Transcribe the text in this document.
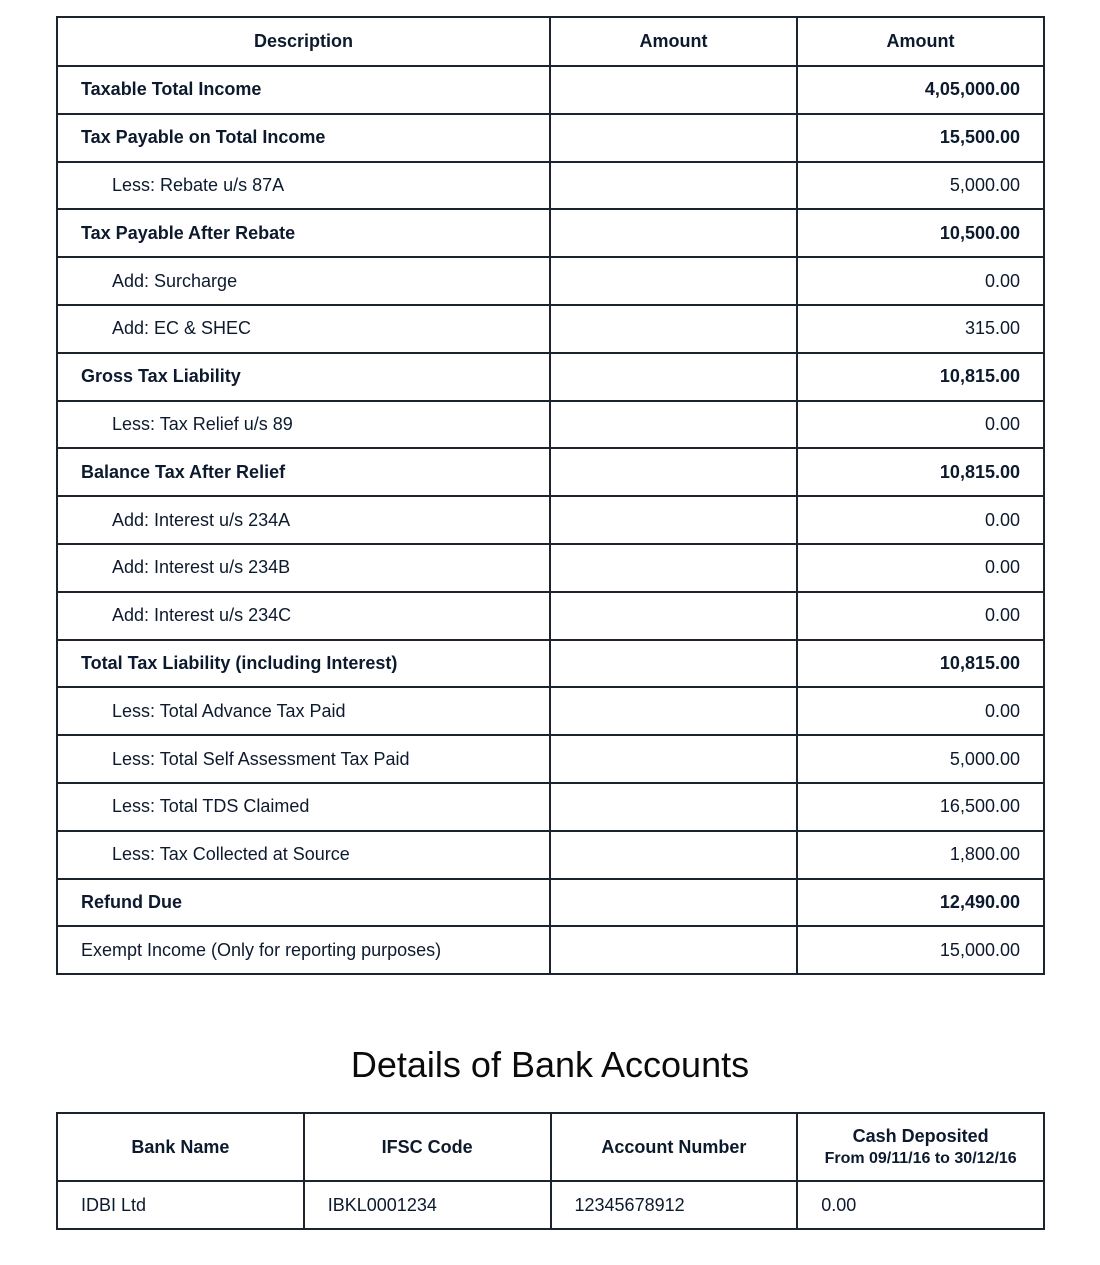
Description	Amount	Amount
Taxable Total Income		4,05,000.00
Tax Payable on Total Income		15,500.00
Less: Rebate u/s 87A		5,000.00
Tax Payable After Rebate		10,500.00
Add: Surcharge		0.00
Add: EC & SHEC		315.00
Gross Tax Liability		10,815.00
Less: Tax Relief u/s 89		0.00
Balance Tax After Relief		10,815.00
Add: Interest u/s 234A		0.00
Add: Interest u/s 234B		0.00
Add: Interest u/s 234C		0.00
Total Tax Liability (including Interest)		10,815.00
Less: Total Advance Tax Paid		0.00
Less: Total Self Assessment Tax Paid		5,000.00
Less: Total TDS Claimed		16,500.00
Less: Tax Collected at Source		1,800.00
Refund Due		12,490.00
Exempt Income (Only for reporting purposes)		15,000.00
Details of Bank Accounts
Bank Name	IFSC Code	Account Number	Cash Deposited
From 09/11/16 to 30/12/16

IDBI Ltd	IBKL0001234	12345678912	0.00
